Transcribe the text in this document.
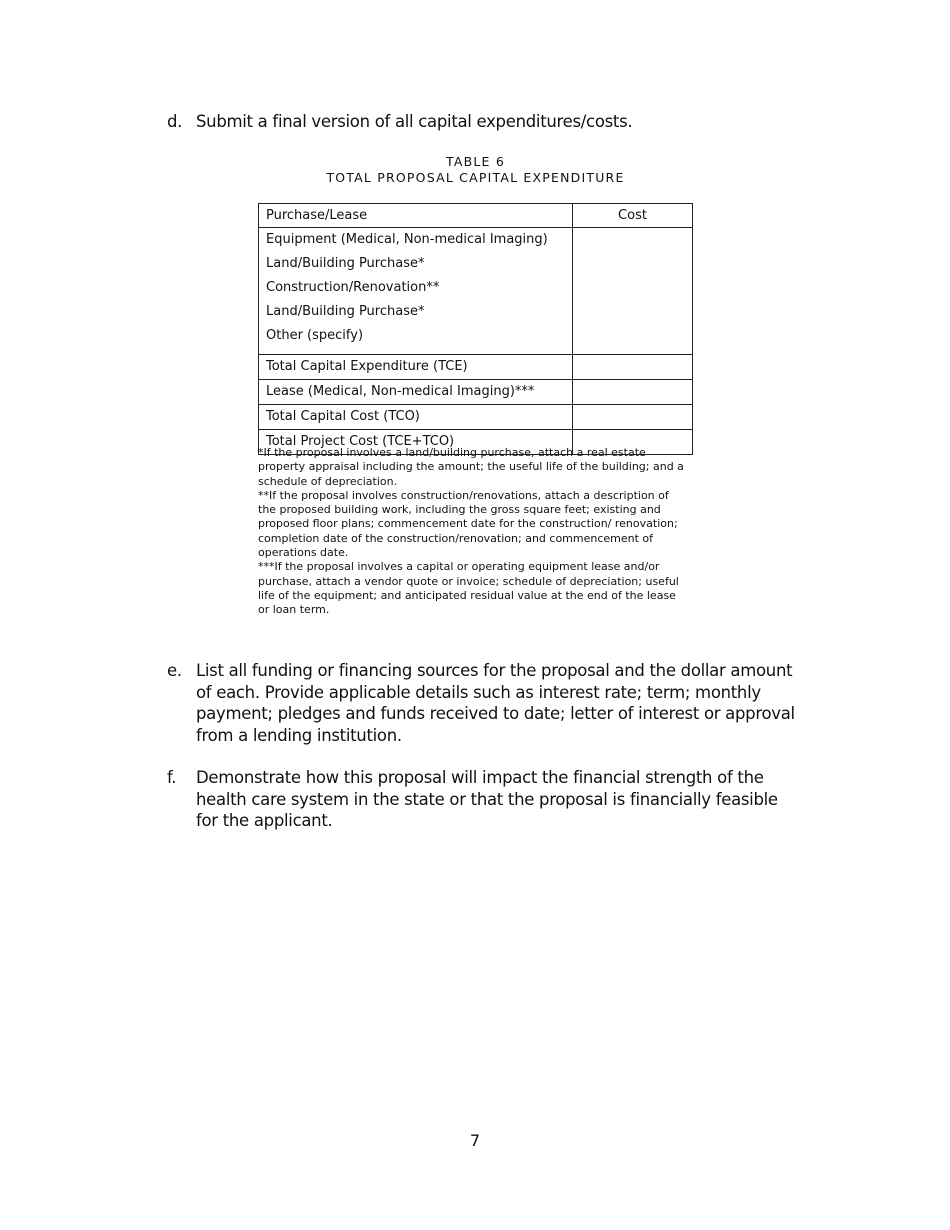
d. Submit a final version of all capital expenditures/costs.
TABLE 6
TOTAL PROPOSAL CAPITAL EXPENDITURE
Purchase/Lease	Cost

Equipment (Medical, Non-medical Imaging)
Land/Building Purchase*
Construction/Renovation**
Land/Building Purchase*
Other (specify)	

Total Capital Expenditure (TCE)	
Lease (Medical, Non-medical Imaging)***	
Total Capital Cost (TCO)	
Total Project Cost (TCE+TCO)	

*If the proposal involves a land/building purchase, attach a real estate property appraisal including the amount; the useful life of the building; and a schedule of depreciation.

**If the proposal involves construction/renovations, attach a description of the proposed building work, including the gross square feet; existing and proposed floor plans; commencement date for the construction/ renovation; completion date of the construction/renovation; and commencement of operations date.

***If the proposal involves a capital or operating equipment lease and/or purchase, attach a vendor quote or invoice; schedule of depreciation; useful life of the equipment; and anticipated residual value at the end of the lease or loan term.

e. List all funding or financing sources for the proposal and the dollar amount of each. Provide applicable details such as interest rate; term; monthly payment; pledges and funds received to date; letter of interest or approval from a lending institution.
f. Demonstrate how this proposal will impact the financial strength of the health care system in the state or that the proposal is financially feasible for the applicant.
7
